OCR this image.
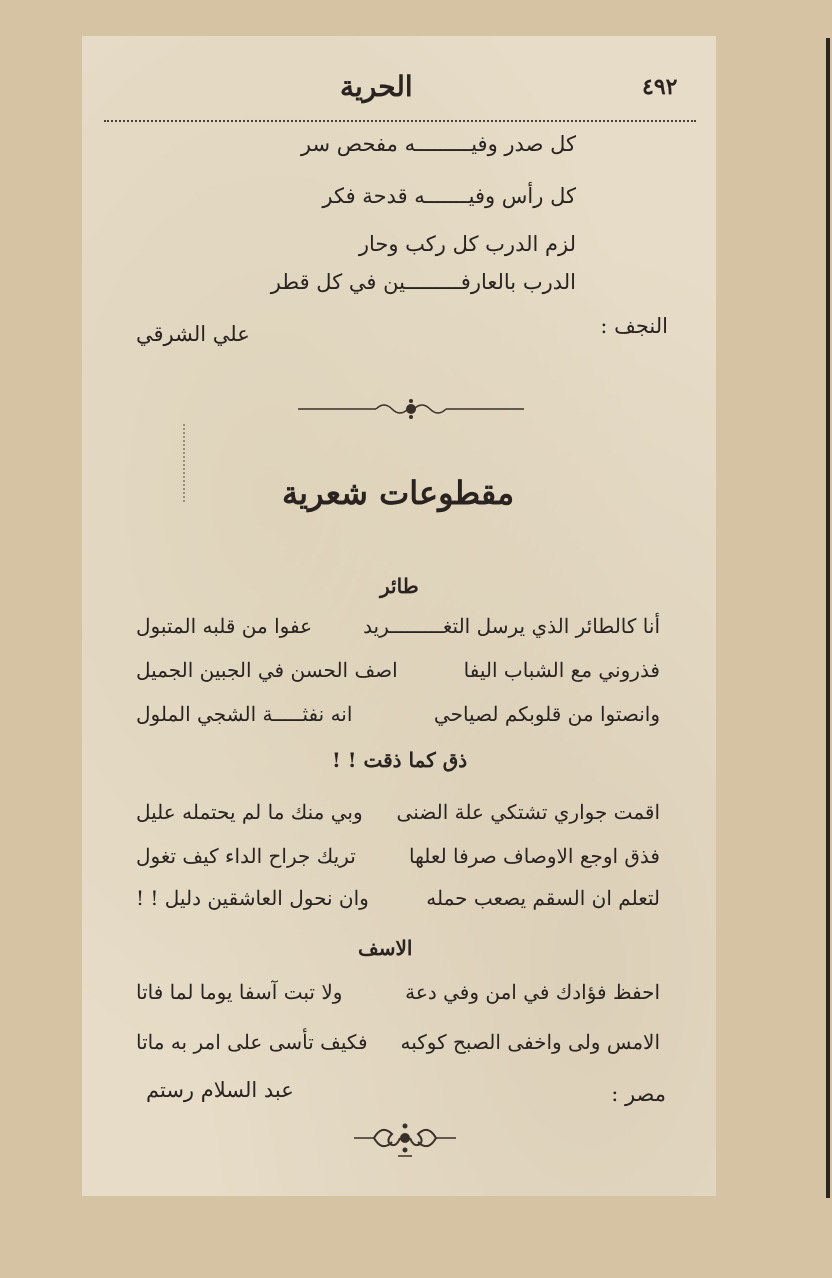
٤٩٢
الحرية
كل صدر وفيـــــــــه مفحص سر
كل رأس وفيـــــــه قدحة فكر
لزم الدرب كل ركب وحار
الدرب بالعارفـــــــــين في كل قطر
النجف :
علي الشرقي
مقطوعات شعرية
طائر
أنا كالطائر الذي يرسل التغـــــــــريد
عفوا من قلبه المتبول
فذروني مع الشباب اليفا
اصف الحسن في الجبين الجميل
وانصتوا من قلوبكم لصياحي
انه نفثـــــة الشجي الملول
ذق كما ذقت ! !
اقمت جواري تشتكي علة الضنى
وبي منك ما لم يحتمله عليل
فذق اوجع الاوصاف صرفا لعلها
تريك جراح الداء كيف تغول
لتعلم ان السقم يصعب حمله
وان نحول العاشقين دليل ! !
الاسف
احفظ فؤادك في امن وفي دعة
ولا تبت آسفا يوما لما فاتا
الامس ولى واخفى الصبح كوكبه
فكيف تأسى على امر به ماتا
مصر :
عبد السلام رستم
